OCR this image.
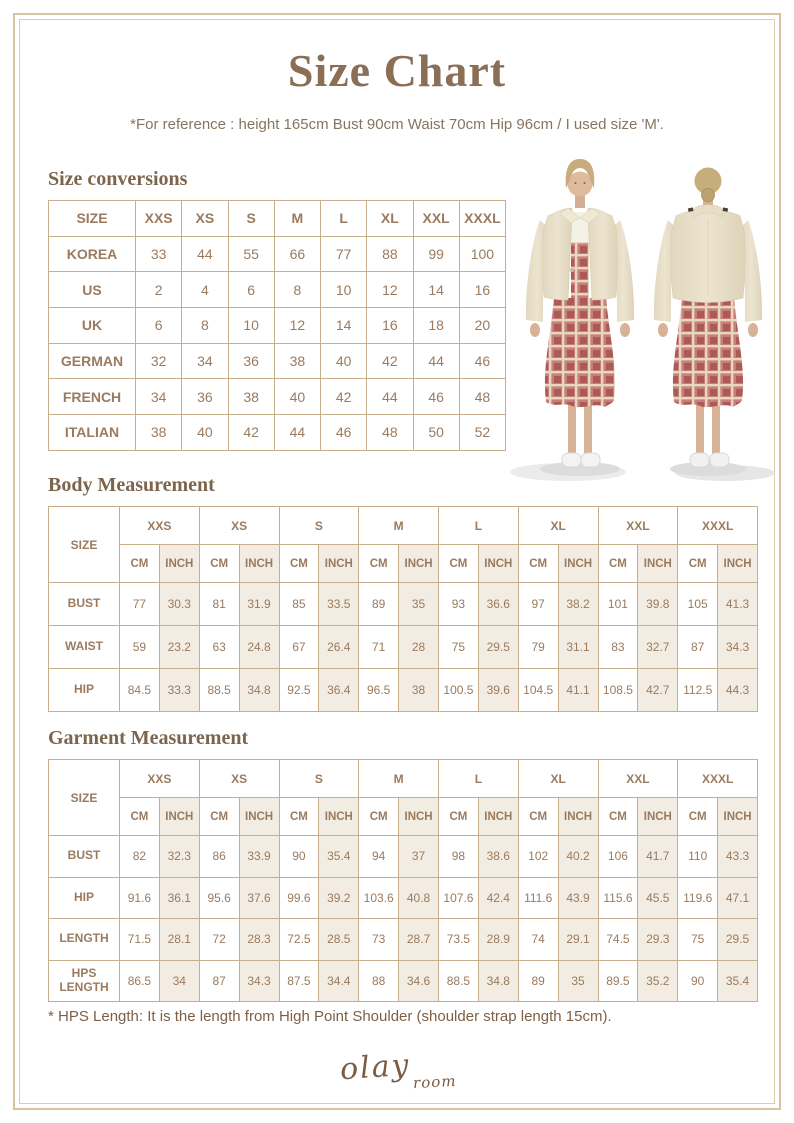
Size Chart

*For reference : height 165cm Bust 90cm Waist 70cm Hip 96cm / I used size 'M'.

Size conversions
SIZE	XXS	XS	S	M	L	XL	XXL	XXXL
KOREA	33	44	55	66	77	88	99	100
US	2	4	6	8	10	12	14	16
UK	6	8	10	12	14	16	18	20
GERMAN	32	34	36	38	40	42	44	46
FRENCH	34	36	38	40	42	44	46	48
ITALIAN	38	40	42	44	46	48	50	52
Body Measurement
SIZE	XXS		XS		S		M		L		XL		XXL		XXXL	
	CM	INCH	CM	INCH	CM	INCH	CM	INCH	CM	INCH	CM	INCH	CM	INCH	CM	INCH
BUST	77	30.3	81	31.9	85	33.5	89	35	93	36.6	97	38.2	101	39.8	105	41.3
WAIST	59	23.2	63	24.8	67	26.4	71	28	75	29.5	79	31.1	83	32.7	87	34.3
HIP	84.5	33.3	88.5	34.8	92.5	36.4	96.5	38	100.5	39.6	104.5	41.1	108.5	42.7	112.5	44.3
Garment Measurement
SIZE	XXS		XS		S		M		L		XL		XXL		XXXL	
	CM	INCH	CM	INCH	CM	INCH	CM	INCH	CM	INCH	CM	INCH	CM	INCH	CM	INCH
BUST	82	32.3	86	33.9	90	35.4	94	37	98	38.6	102	40.2	106	41.7	110	43.3
HIP	91.6	36.1	95.6	37.6	99.6	39.2	103.6	40.8	107.6	42.4	111.6	43.9	115.6	45.5	119.6	47.1
LENGTH	71.5	28.1	72	28.3	72.5	28.5	73	28.7	73.5	28.9	74	29.1	74.5	29.3	75	29.5
HPS LENGTH	86.5	34	87	34.3	87.5	34.4	88	34.6	88.5	34.8	89	35	89.5	35.2	90	35.4

* HPS Length: It is the length from High Point Shoulder (shoulder strap length 15cm).

olayroom
